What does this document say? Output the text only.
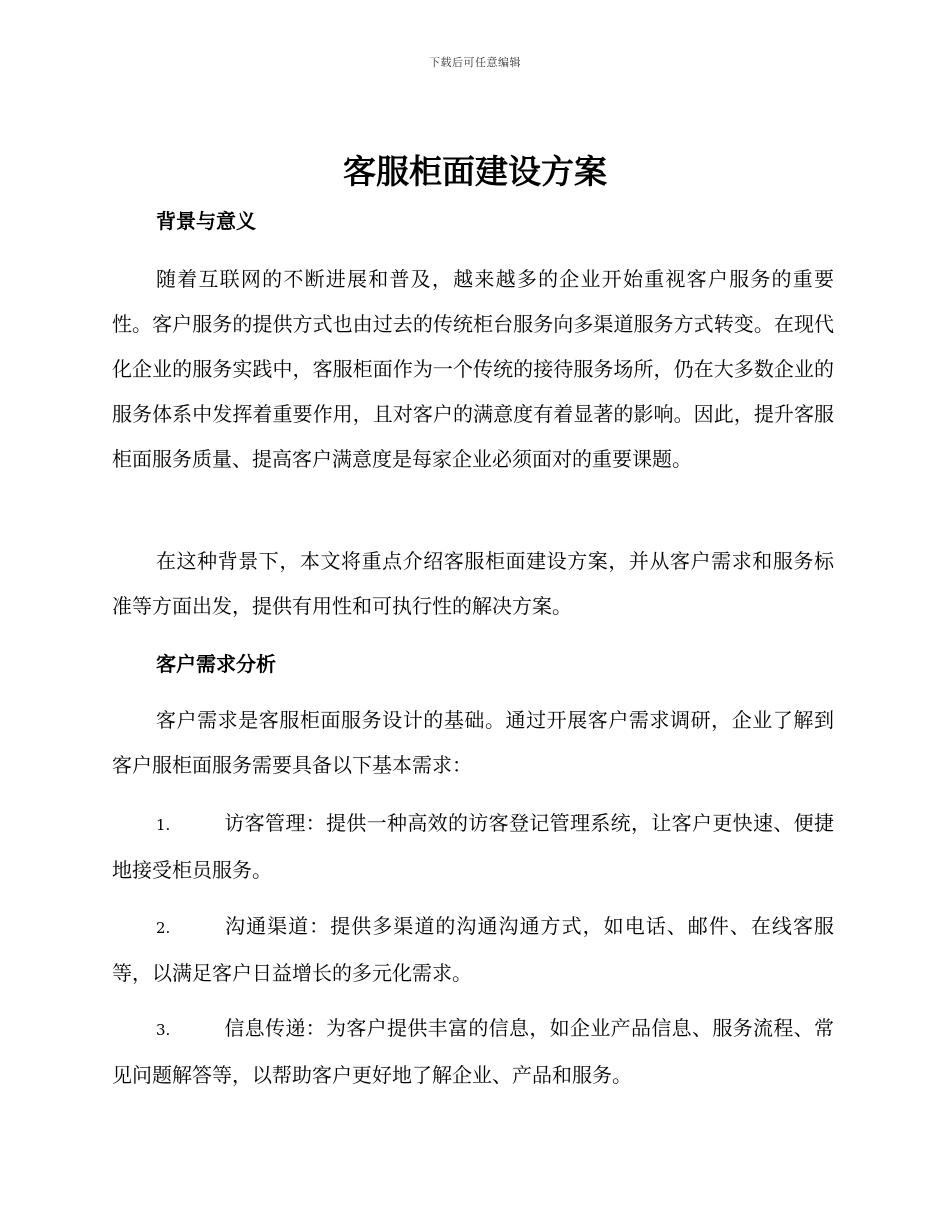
下载后可任意编辑
客服柜面建设方案
背景与意义

随着互联网的不断进展和普及，越来越多的企业开始重视客户服务的重要性。客户服务的提供方式也由过去的传统柜台服务向多渠道服务方式转变。在现代化企业的服务实践中，客服柜面作为一个传统的接待服务场所，仍在大多数企业的服务体系中发挥着重要作用，且对客户的满意度有着显著的影响。因此，提升客服柜面服务质量、提高客户满意度是每家企业必须面对的重要课题。

在这种背景下，本文将重点介绍客服柜面建设方案，并从客户需求和服务标准等方面出发，提供有用性和可执行性的解决方案。

客户需求分析

客户需求是客服柜面服务设计的基础。通过开展客户需求调研，企业了解到客户服柜面服务需要具备以下基本需求：

1.	访客管理：提供一种高效的访客登记管理系统，让客户更快速、便捷地接受柜员服务。

2.	沟通渠道：提供多渠道的沟通沟通方式，如电话、邮件、在线客服等，以满足客户日益增长的多元化需求。

3.	信息传递：为客户提供丰富的信息，如企业产品信息、服务流程、常见问题解答等，以帮助客户更好地了解企业、产品和服务。
